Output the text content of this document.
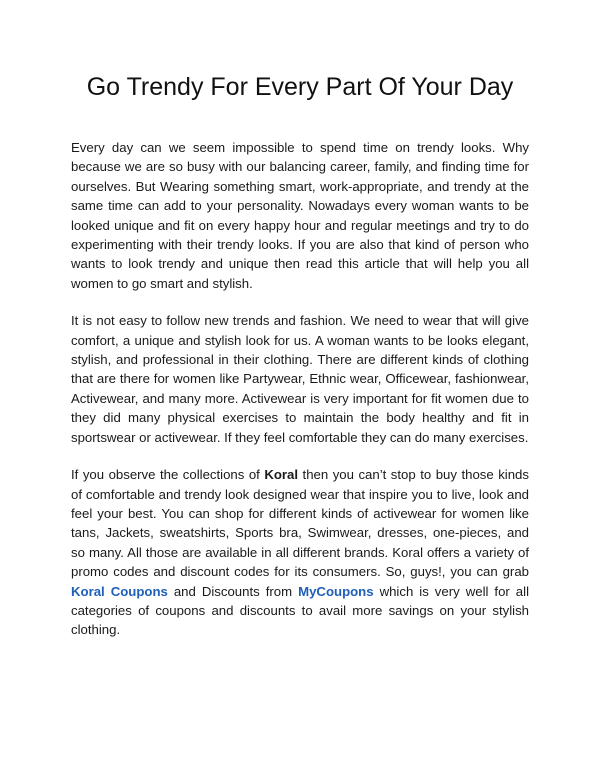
Go Trendy For Every Part Of Your Day

Every day can we seem impossible to spend time on trendy looks. Why because we are so busy with our balancing career, family, and finding time for ourselves. But Wearing something smart, work-appropriate, and trendy at the same time can add to your personality. Nowadays every woman wants to be looked unique and fit on every happy hour and regular meetings and try to do experimenting with their trendy looks. If you are also that kind of person who wants to look trendy and unique then read this article that will help you all women to go smart and stylish.

It is not easy to follow new trends and fashion. We need to wear that will give comfort, a unique and stylish look for us. A woman wants to be looks elegant, stylish, and professional in their clothing. There are different kinds of clothing that are there for women like Partywear, Ethnic wear, Officewear, fashionwear, Activewear, and many more. Activewear is very important for fit women due to they did many physical exercises to maintain the body healthy and fit in sportswear or activewear. If they feel comfortable they can do many exercises.

If you observe the collections of Koral then you can’t stop to buy those kinds of comfortable and trendy look designed wear that inspire you to live, look and feel your best. You can shop for different kinds of activewear for women like tans, Jackets, sweatshirts, Sports bra, Swimwear, dresses, one-pieces, and so many. All those are available in all different brands. Koral offers a variety of promo codes and discount codes for its consumers. So, guys!, you can grab Koral Coupons and Discounts from MyCoupons which is very well for all categories of coupons and discounts to avail more savings on your stylish clothing.
